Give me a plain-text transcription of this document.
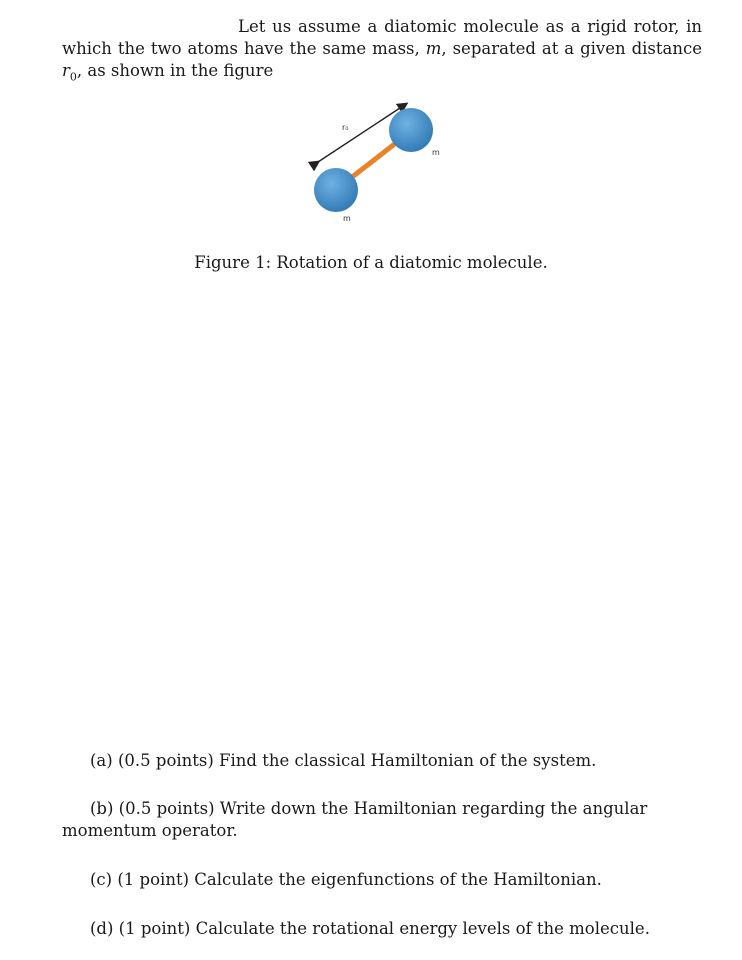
Let us assume a diatomic molecule as a rigid rotor, in which the two atoms have the same mass, m, separated at a given distance $r_0$, as shown in the figure

r₀
m
m
Figure 1: Rotation of a diatomic molecule.

(a) (0.5 points) Find the classical Hamiltonian of the system.

(b) (0.5 points) Write down the Hamiltonian regarding the angular momentum operator.

(c) (1 point) Calculate the eigenfunctions of the Hamiltonian.

(d) (1 point) Calculate the rotational energy levels of the molecule.
